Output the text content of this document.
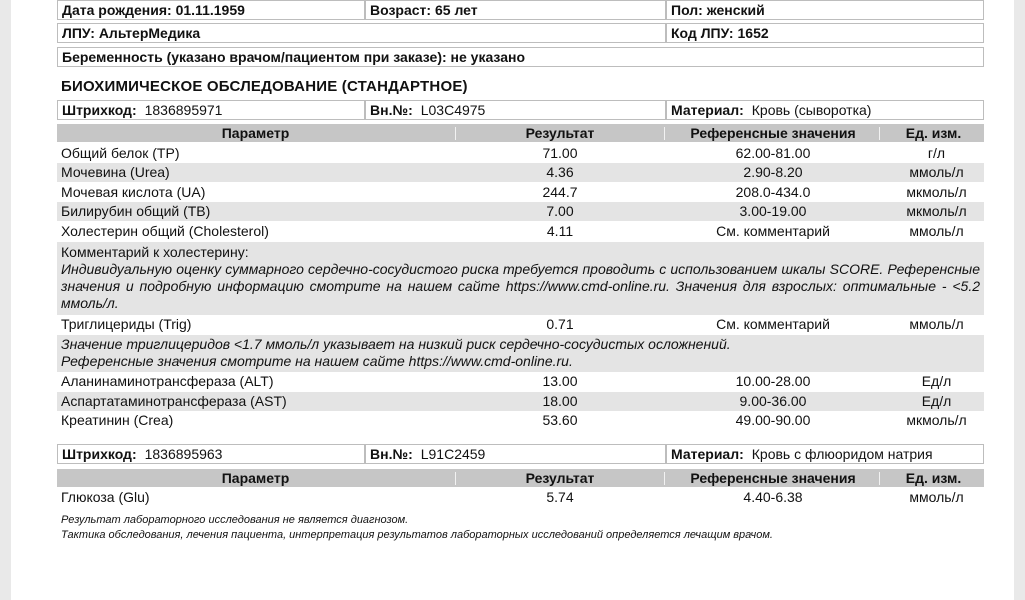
Дата рождения: 01.11.1959	Возраст: 65 лет	Пол: женский
ЛПУ: АльтерМедика	Код ЛПУ: 1652
Беременность (указано врачом/пациентом при заказе): не указано
БИОХИМИЧЕСКОЕ ОБСЛЕДОВАНИЕ (СТАНДАРТНОЕ)
Штрихкод: 1836895971	Вн.№: L03C4975	Материал: Кровь (сыворотка)
Параметр	Результат	Референсные значения	Ед. изм.
Общий белок (TP)	71.00	62.00-81.00	г/л
Мочевина (Urea)	4.36	2.90-8.20	ммоль/л
Мочевая кислота (UA)	244.7	208.0-434.0	мкмоль/л
Билирубин общий (TB)	7.00	3.00-19.00	мкмоль/л
Холестерин общий (Cholesterol)	4.11	См. комментарий	ммоль/л
Комментарий к холестерину:
Индивидуальную оценку суммарного сердечно-сосудистого риска требуется проводить с использованием шкалы SCORE. Референсные значения и подробную информацию смотрите на нашем сайте https://www.cmd-online.ru. Значения для взрослых: оптимальные - <5.2 ммоль/л.
Триглицериды (Trig)	0.71	См. комментарий	ммоль/л
Значение триглицеридов <1.7 ммоль/л указывает на низкий риск сердечно-сосудистых осложнений.
Референсные значения смотрите на нашем сайте https://www.cmd-online.ru.
Аланинаминотрансфераза (ALT)	13.00	10.00-28.00	Ед/л
Аспартатаминотрансфераза (AST)	18.00	9.00-36.00	Ед/л
Креатинин (Crea)	53.60	49.00-90.00	мкмоль/л
Штрихкод: 1836895963	Вн.№: L91C2459	Материал: Кровь с флюоридом натрия
Параметр	Результат	Референсные значения	Ед. изм.
Глюкоза (Glu)	5.74	4.40-6.38	ммоль/л
Результат лабораторного исследования не является диагнозом.
Тактика обследования, лечения пациента, интерпретация результатов лабораторных исследований определяется лечащим врачом.
